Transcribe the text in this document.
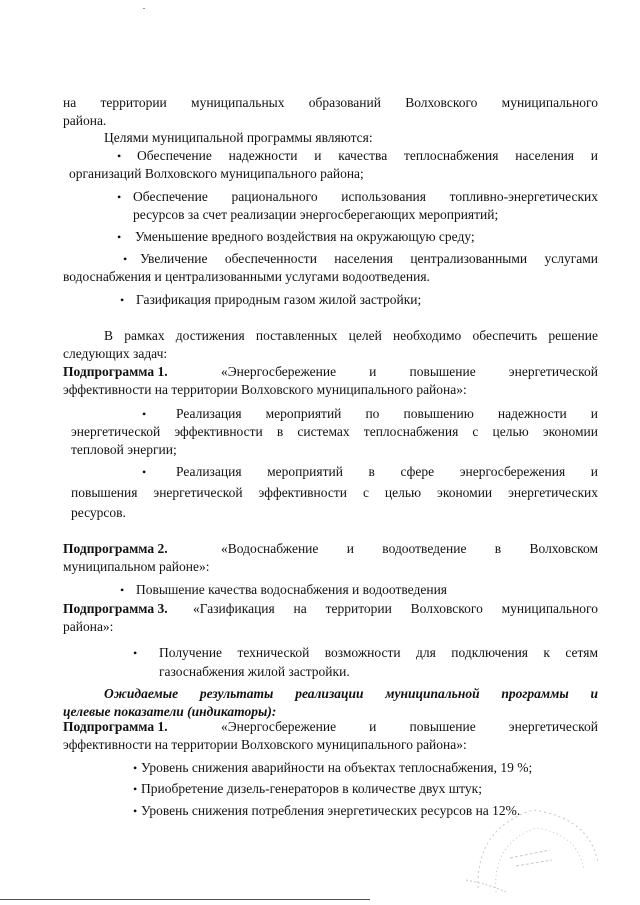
на территории муниципальных образований Волховского муниципального
района.
Целями муниципальной программы являются:
• Обеспечение надежности и качества теплоснабжения населения и
организаций Волховского муниципального района;
• Обеспечение рационального использования топливно-энергетических
ресурсов за счет реализации энергосберегающих мероприятий;
• Уменьшение вредного воздействия на окружающую среду;
• Увеличение обеспеченности населения централизованными услугами
водоснабжения и централизованными услугами водоотведения.
• Газификация природным газом жилой застройки;
В рамках достижения поставленных целей необходимо обеспечить решение
следующих задач:
Подпрограмма 1.	«Энергосбережение и повышение энергетической
эффективности на территории Волховского муниципального района»:
• Реализация мероприятий по повышению надежности и
энергетической эффективности в системах теплоснабжения с целью экономии
тепловой энергии;
• Реализация мероприятий в сфере энергосбережения и
повышения энергетической эффективности с целью экономии энергетических
ресурсов.
Подпрограмма 2.	«Водоснабжение и водоотведение в Волховском
муниципальном районе»:
• Повышение качества водоснабжения и водоотведения
Подпрограмма 3. «Газификация на территории Волховского муниципального
района»:
• Получение технической возможности для подключения к сетям
газоснабжения жилой застройки.
Ожидаемые результаты реализации муниципальной программы и
целевые показатели (индикаторы):
Подпрограмма 1.	«Энергосбережение и повышение энергетической
эффективности на территории Волховского муниципального района»:
• Уровень снижения аварийности на объектах теплоснабжения, 19 %;
• Приобретение дизель-генераторов в количестве двух штук;
• Уровень снижения потребления энергетических ресурсов на 12%.
